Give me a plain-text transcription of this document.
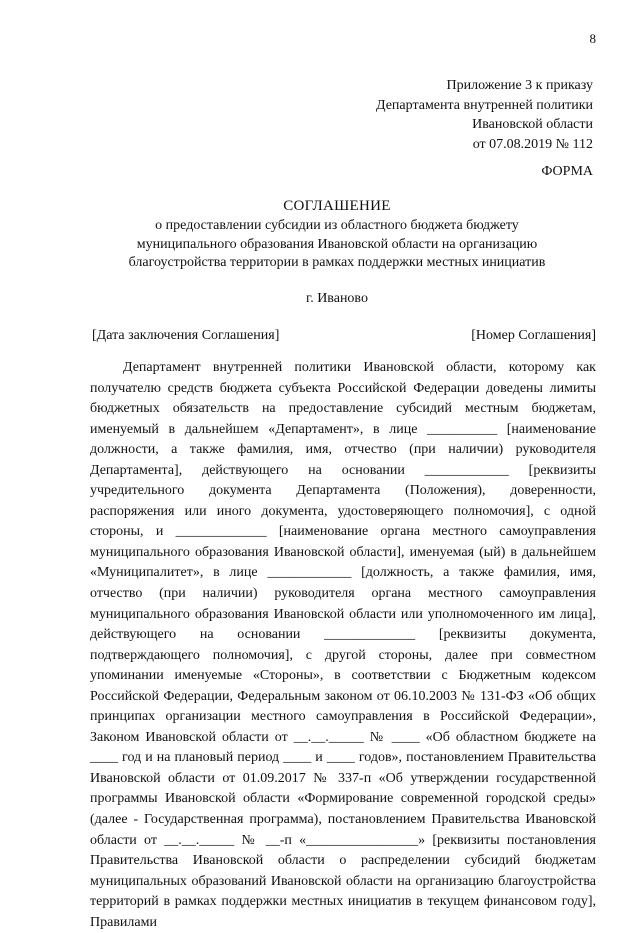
8
Приложение 3 к приказу
Департамента внутренней политики
Ивановской области
от 07.08.2019 № 112
ФОРМА
СОГЛАШЕНИЕ
о предоставлении субсидии из областного бюджета бюджету
муниципального образования Ивановской области на организацию
благоустройства территории в рамках поддержки местных инициатив
г. Иваново
[Дата заключения Соглашения]	[Номер Соглашения]

Департамент внутренней политики Ивановской области, которому как получателю средств бюджета субъекта Российской Федерации доведены лимиты бюджетных обязательств на предоставление субсидий местным бюджетам, именуемый в дальнейшем «Департамент», в лице __________ [наименование должности, а также фамилия, имя, отчество (при наличии) руководителя Департамента], действующего на основании ____________ [реквизиты учредительного документа Департамента (Положения), доверенности, распоряжения или иного документа, удостоверяющего полномочия], с одной стороны, и _____________ [наименование органа местного самоуправления муниципального образования Ивановской области], именуемая (ый) в дальнейшем «Муниципалитет», в лице ____________ [должность, а также фамилия, имя, отчество (при наличии) руководителя органа местного самоуправления муниципального образования Ивановской области или уполномоченного им лица], действующего на основании _____________ [реквизиты документа, подтверждающего полномочия], с другой стороны, далее при совместном упоминании именуемые «Стороны», в соответствии с Бюджетным кодексом Российской Федерации, Федеральным законом от 06.10.2003 № 131-ФЗ «Об общих принципах организации местного самоуправления в Российской Федерации», Законом Ивановской области от __.__._____ № ____ «Об областном бюджете на ____ год и на плановый период ____ и ____ годов», постановлением Правительства Ивановской области от 01.09.2017 № 337-п «Об утверждении государственной программы Ивановской области «Формирование современной городской среды» (далее - Государственная программа), постановлением Правительства Ивановской области от __.__._____ № __-п «________________» [реквизиты постановления Правительства Ивановской области о распределении субсидий бюджетам муниципальных образований Ивановской области на организацию благоустройства территорий в рамках поддержки местных инициатив в текущем финансовом году], Правилами
